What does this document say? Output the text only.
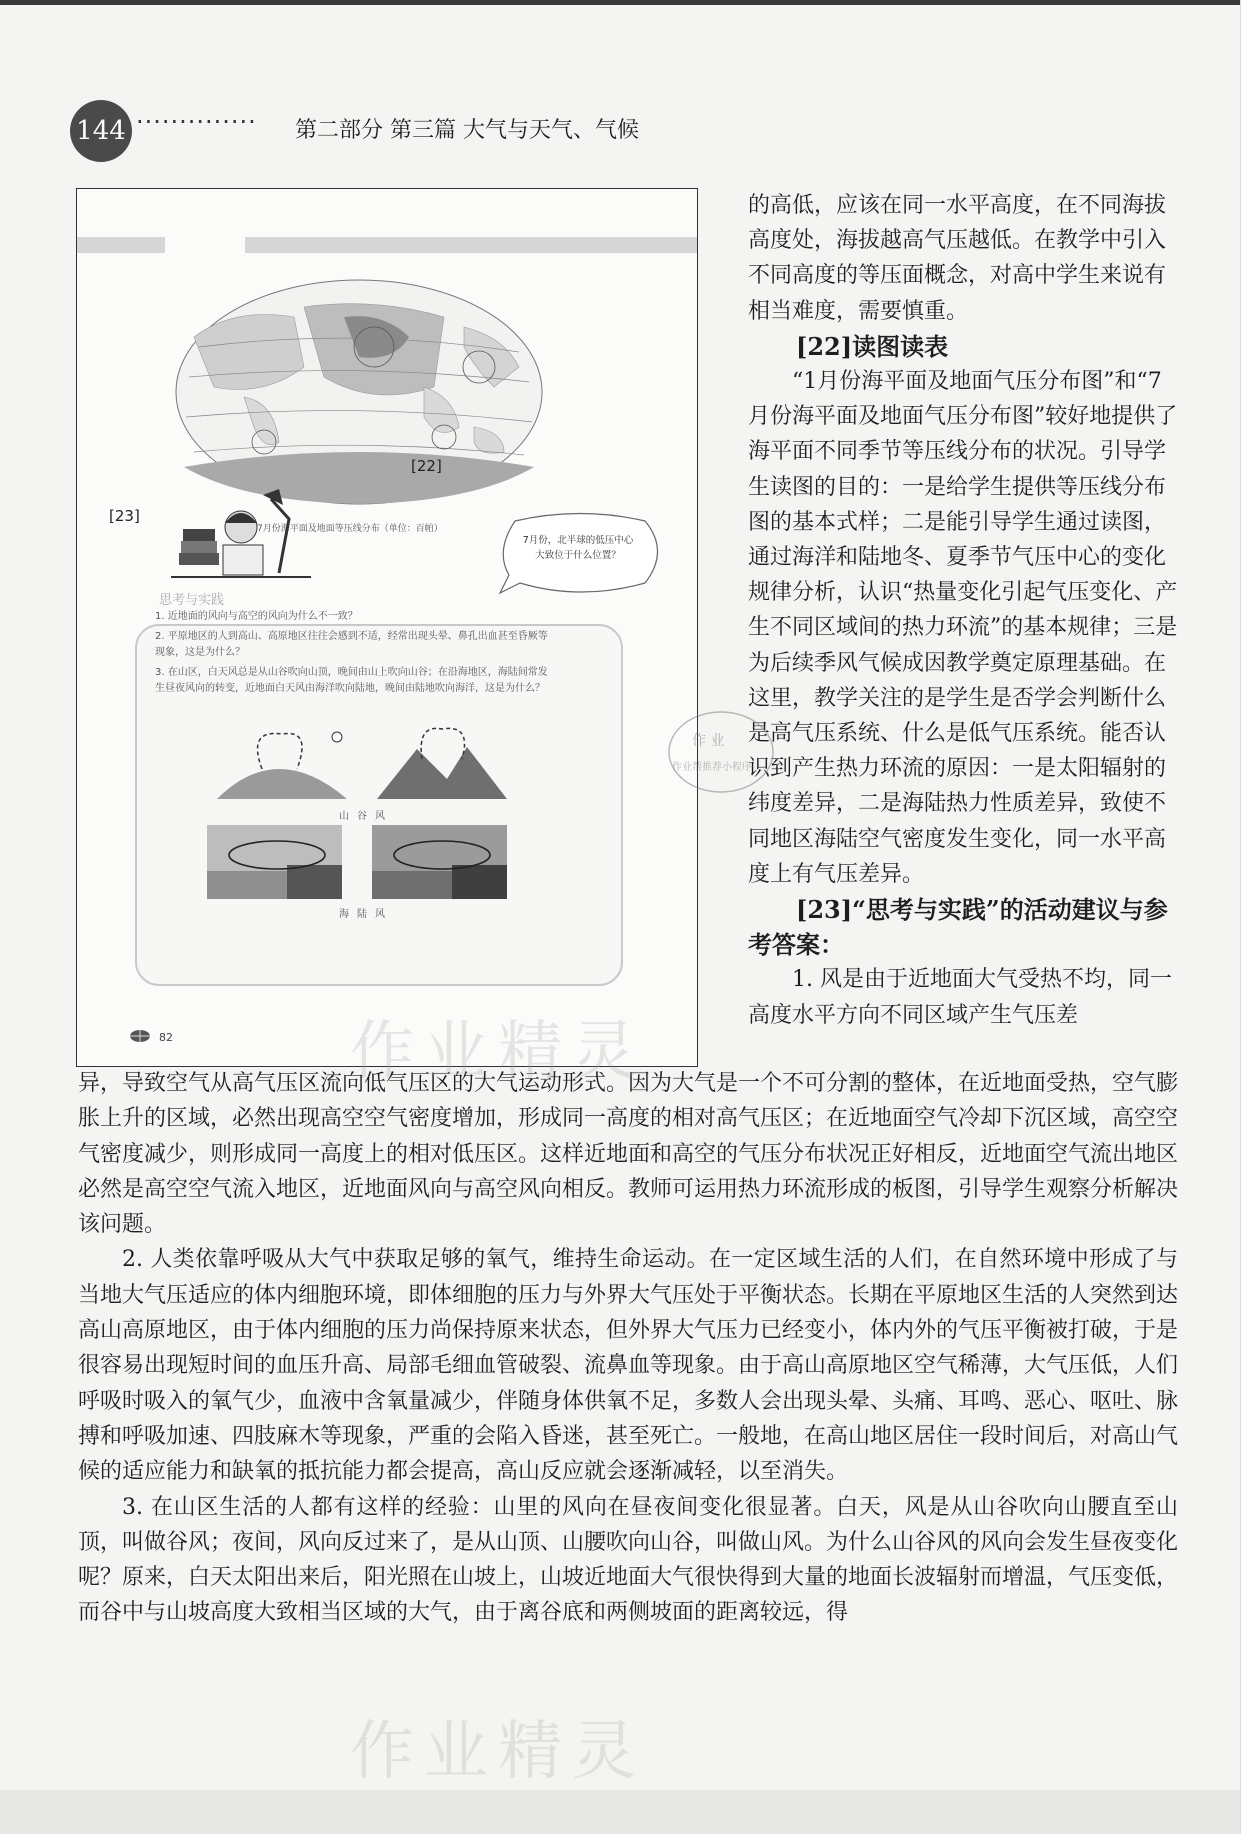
144 ·············· 第二部分 第三篇 大气与天气、气候
7月份海平面及地面等压线分布（单位：百帕）
[22]
7月份，北半球的低压中心大致位于什么位置？
[23]
思考与实践
1. 近地面的风向与高空的风向为什么不一致？
2. 平原地区的人到高山、高原地区往往会感到不适，经常出现头晕、鼻孔出血甚至昏厥等现象，这是为什么？
3. 在山区，白天风总是从山谷吹向山顶，晚间由山上吹向山谷；在沿海地区，海陆间常发生昼夜风向的转变，近地面白天风由海洋吹向陆地，晚间由陆地吹向海洋，这是为什么？
山谷风
海陆风
82

的高低，应该在同一水平高度，在不同海拔高度处，海拔越高气压越低。在教学中引入不同高度的等压面概念，对高中学生来说有相当难度，需要慎重。

[22]读图读表

“1月份海平面及地面气压分布图”和“7月份海平面及地面气压分布图”较好地提供了海平面不同季节等压线分布的状况。引导学生读图的目的：一是给学生提供等压线分布图的基本式样；二是能引导学生通过读图，通过海洋和陆地冬、夏季节气压中心的变化规律分析，认识“热量变化引起气压变化、产生不同区域间的热力环流”的基本规律；三是为后续季风气候成因教学奠定原理基础。在这里，教学关注的是学生是否学会判断什么是高气压系统、什么是低气压系统。能否认识到产生热力环流的原因：一是太阳辐射的纬度差异，二是海陆热力性质差异，致使不同地区海陆空气密度发生变化，同一水平高度上有气压差异。

[23]“思考与实践”的活动建议与参考答案：

1. 风是由于近地面大气受热不均，同一高度水平方向不同区域产生气压差

异，导致空气从高气压区流向低气压区的大气运动形式。因为大气是一个不可分割的整体，在近地面受热，空气膨胀上升的区域，必然出现高空空气密度增加，形成同一高度的相对高气压区；在近地面空气冷却下沉区域，高空空气密度减少，则形成同一高度上的相对低压区。这样近地面和高空的气压分布状况正好相反，近地面空气流出地区必然是高空空气流入地区，近地面风向与高空风向相反。教师可运用热力环流形成的板图，引导学生观察分析解决该问题。

2. 人类依靠呼吸从大气中获取足够的氧气，维持生命运动。在一定区域生活的人们，在自然环境中形成了与当地大气压适应的体内细胞环境，即体细胞的压力与外界大气压处于平衡状态。长期在平原地区生活的人突然到达高山高原地区，由于体内细胞的压力尚保持原来状态，但外界大气压力已经变小，体内外的气压平衡被打破，于是很容易出现短时间的血压升高、局部毛细血管破裂、流鼻血等现象。由于高山高原地区空气稀薄，大气压低，人们呼吸时吸入的氧气少，血液中含氧量减少，伴随身体供氧不足，多数人会出现头晕、头痛、耳鸣、恶心、呕吐、脉搏和呼吸加速、四肢麻木等现象，严重的会陷入昏迷，甚至死亡。一般地，在高山地区居住一段时间后，对高山气候的适应能力和缺氧的抵抗能力都会提高，高山反应就会逐渐减轻，以至消失。

3. 在山区生活的人都有这样的经验：山里的风向在昼夜间变化很显著。白天，风是从山谷吹向山腰直至山顶，叫做谷风；夜间，风向反过来了，是从山顶、山腰吹向山谷，叫做山风。为什么山谷风的风向会发生昼夜变化呢？原来，白天太阳出来后，阳光照在山坡上，山坡近地面大气很快得到大量的地面长波辐射而增温，气压变低，而谷中与山坡高度大致相当区域的大气，由于离谷底和两侧坡面的距离较远，得

作 业
作业帮推荐小程序
作业精灵
作业精灵
